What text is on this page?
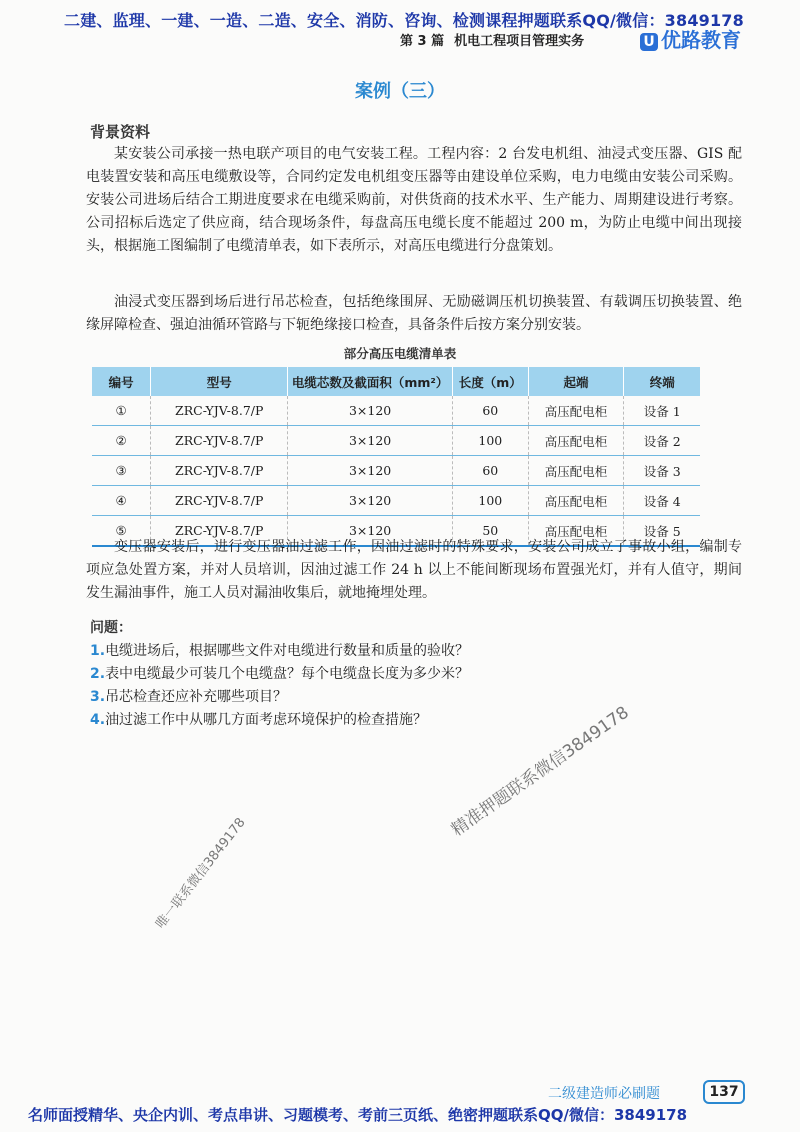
二建、监理、一建、一造、二造、安全、消防、咨询、检测课程押题联系QQ/微信：3849178
第 3 篇 机电工程项目管理实务	U 优路教育
案例（三）
背景资料

某安装公司承接一热电联产项目的电气安装工程。工程内容：2 台发电机组、油浸式变压器、GIS 配电装置安装和高压电缆敷设等，合同约定发电机组变压器等由建设单位采购，电力电缆由安装公司采购。安装公司进场后结合工期进度要求在电缆采购前，对供货商的技术水平、生产能力、周期建设进行考察。公司招标后选定了供应商，结合现场条件，每盘高压电缆长度不能超过 200 m，为防止电缆中间出现接头，根据施工图编制了电缆清单表，如下表所示，对高压电缆进行分盘策划。

油浸式变压器到场后进行吊芯检查，包括绝缘围屏、无励磁调压机切换装置、有载调压切换装置、绝缘屏障检查、强迫油循环管路与下轭绝缘接口检查，具备条件后按方案分别安装。

部分高压电缆清单表
编号	型号	电缆芯数及截面积（mm²）	长度（m）	起端	终端
①	ZRC-YJV-8.7/P	3×120	60	高压配电柜	设备 1
②	ZRC-YJV-8.7/P	3×120	100	高压配电柜	设备 2
③	ZRC-YJV-8.7/P	3×120	60	高压配电柜	设备 3
④	ZRC-YJV-8.7/P	3×120	100	高压配电柜	设备 4
⑤	ZRC-YJV-8.7/P	3×120	50	高压配电柜	设备 5

变压器安装后，进行变压器油过滤工作，因油过滤时的特殊要求，安装公司成立了事故小组，编制专项应急处置方案，并对人员培训，因油过滤工作 24 h 以上不能间断现场布置强光灯，并有人值守，期间发生漏油事件，施工人员对漏油收集后，就地掩埋处理。

问题：
1.电缆进场后，根据哪些文件对电缆进行数量和质量的验收？
2.表中电缆最少可装几个电缆盘？每个电缆盘长度为多少米？
3.吊芯检查还应补充哪些项目？
4.油过滤工作中从哪几方面考虑环境保护的检查措施？	精准押题联系微信3849178
唯一联系微信3849178
二级建造师必刷题	137
名师面授精华、央企内训、考点串讲、习题模考、考前三页纸、绝密押题联系QQ/微信：3849178
